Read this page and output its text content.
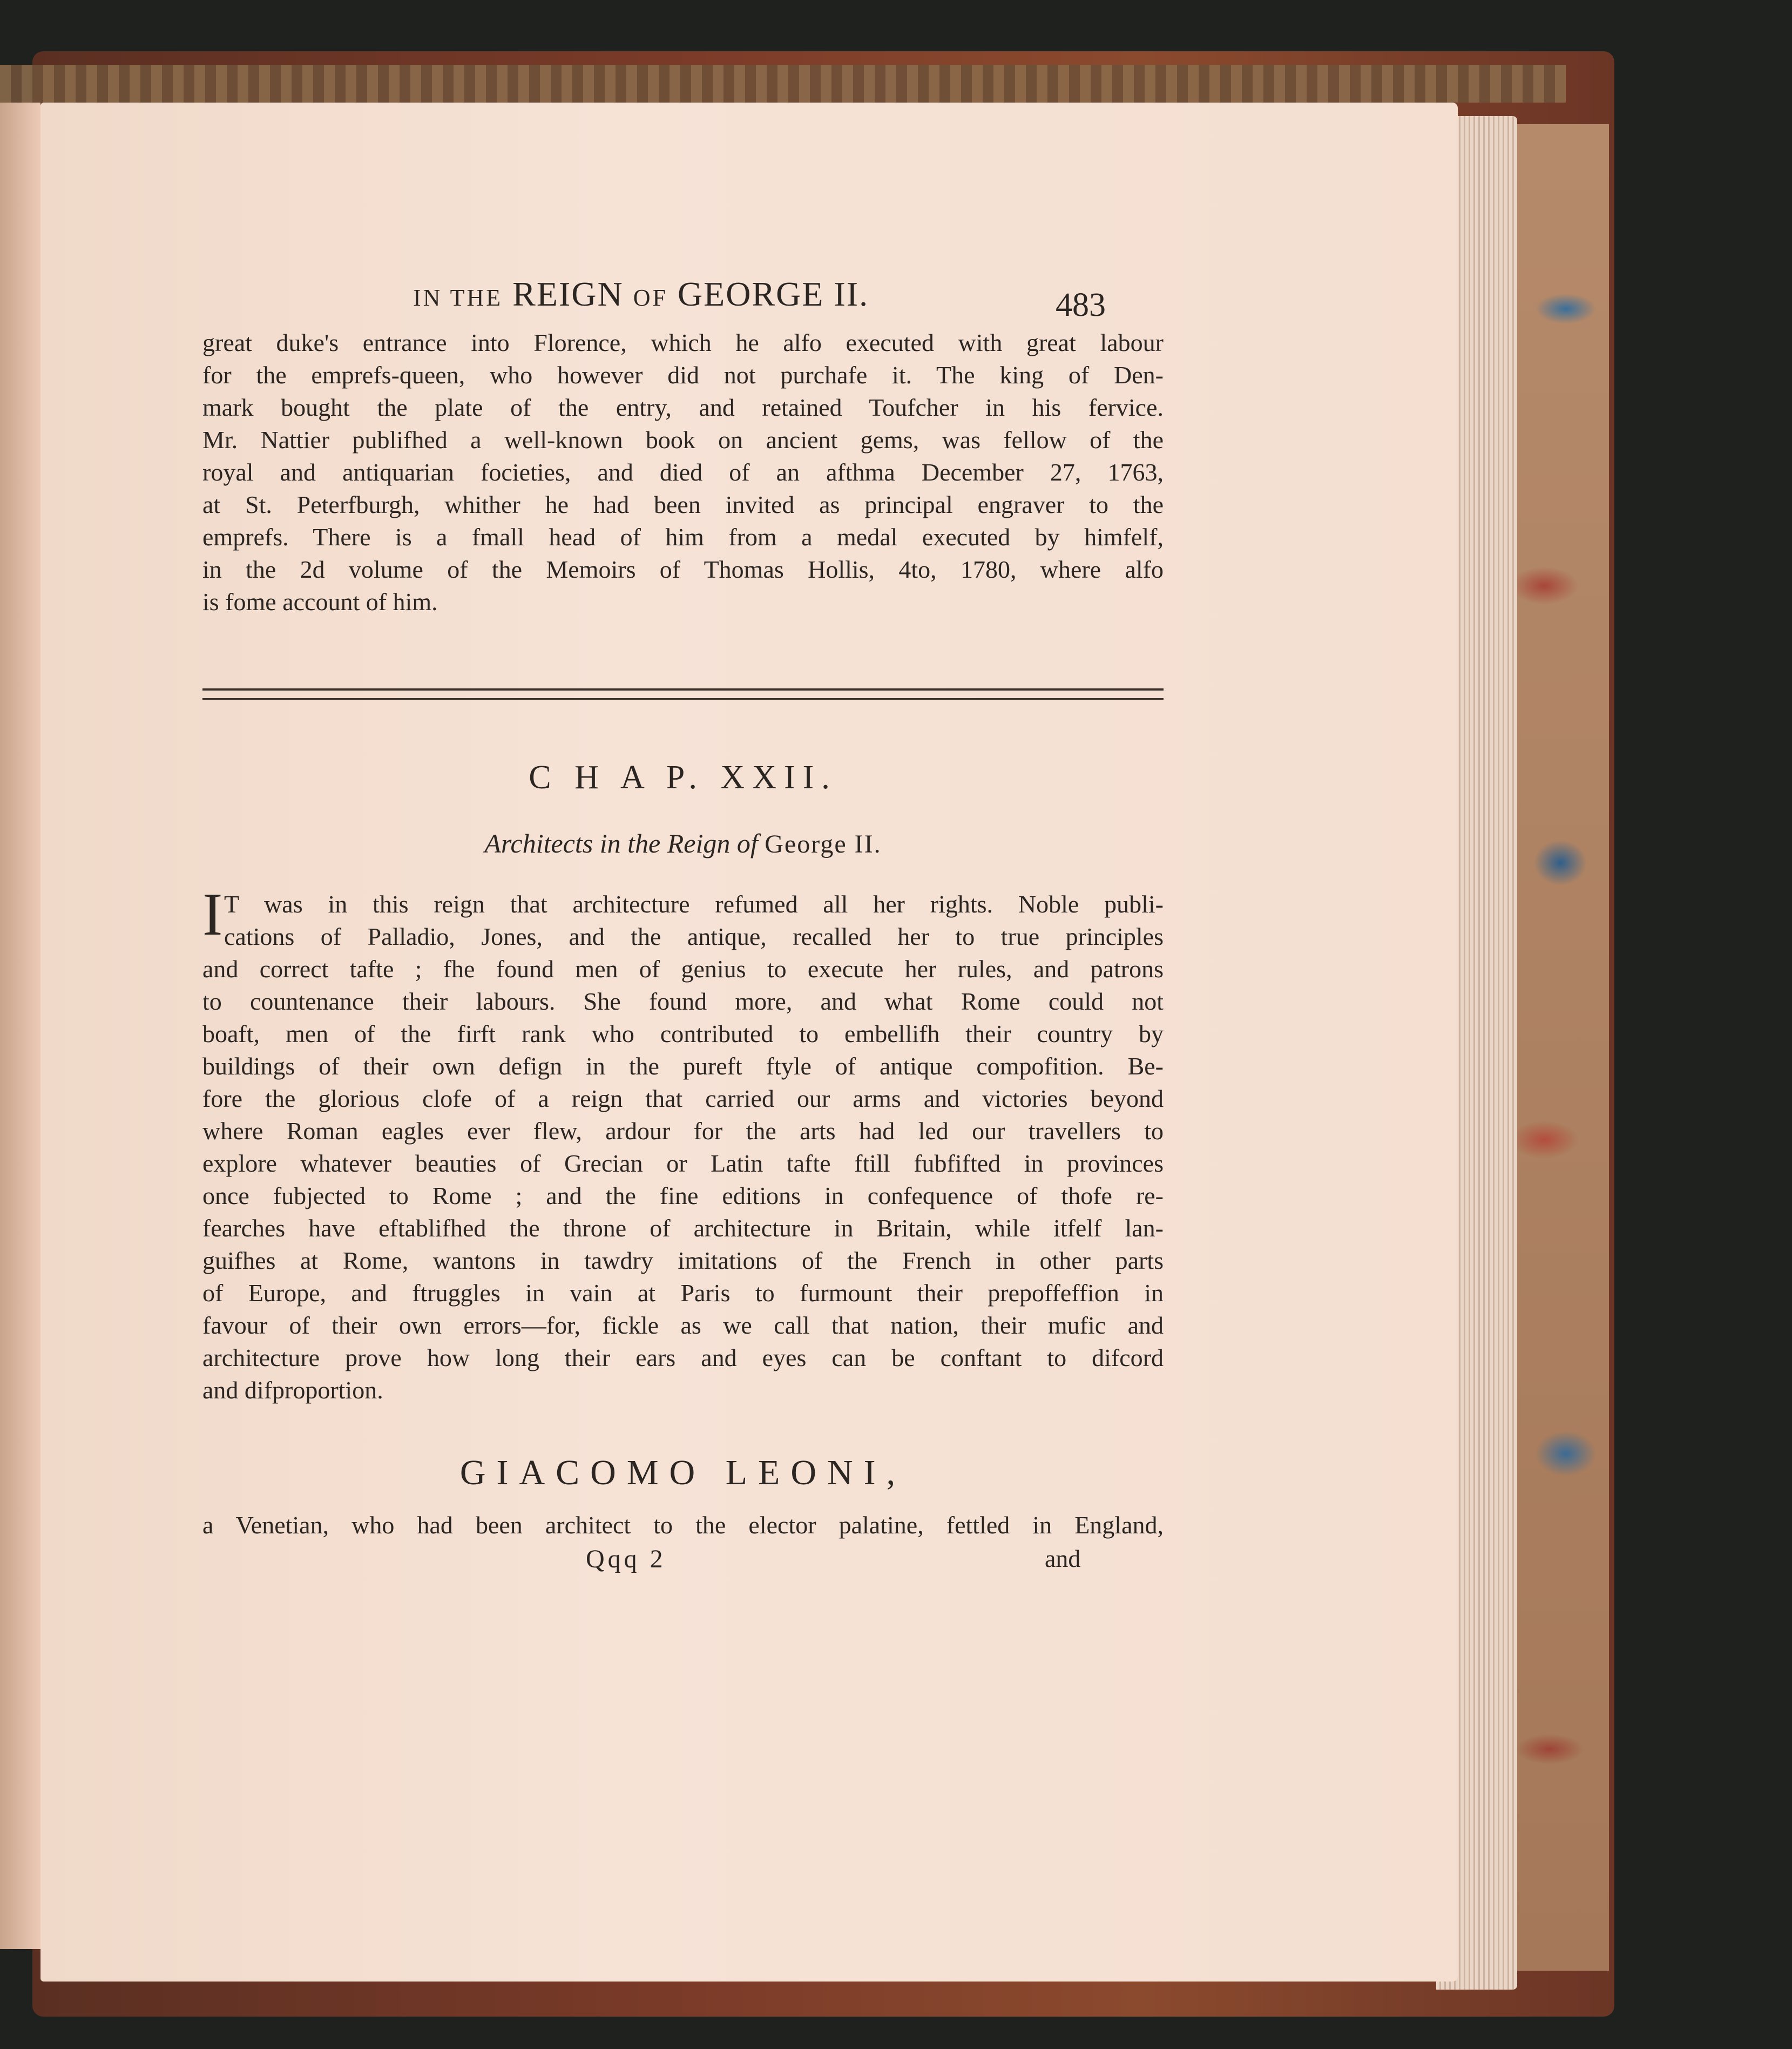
IN THE REIGN OF GEORGE II.	483
great duke's entrance into Florence, which he alfo executed with great labour
for the emprefs-queen, who however did not purchafe it. The king of Den-
mark bought the plate of the entry, and retained Toufcher in his fervice.
Mr. Nattier publifhed a well-known book on ancient gems, was fellow of the
royal and antiquarian focieties, and died of an afthma December 27, 1763,
at St. Peterfburgh, whither he had been invited as principal engraver to the
emprefs. There is a fmall head of him from a medal executed by himfelf,
in the 2d volume of the Memoirs of Thomas Hollis, 4to, 1780, where alfo
is fome account of him.
C H A P. XXII.
Architects in the Reign of George II.
I T was in this reign that architecture refumed all her rights. Noble publi-
cations of Palladio, Jones, and the antique, recalled her to true principles
and correct tafte ; fhe found men of genius to execute her rules, and patrons
to countenance their labours. She found more, and what Rome could not
boaft, men of the firft rank who contributed to embellifh their country by
buildings of their own defign in the pureft ftyle of antique compofition. Be-
fore the glorious clofe of a reign that carried our arms and victories beyond
where Roman eagles ever flew, ardour for the arts had led our travellers to
explore whatever beauties of Grecian or Latin tafte ftill fubfifted in provinces
once fubjected to Rome ; and the fine editions in confequence of thofe re-
fearches have eftablifhed the throne of architecture in Britain, while itfelf lan-
guifhes at Rome, wantons in tawdry imitations of the French in other parts
of Europe, and ftruggles in vain at Paris to furmount their prepoffeffion in
favour of their own errors—for, fickle as we call that nation, their mufic and
architecture prove how long their ears and eyes can be conftant to difcord
and difproportion.
GIACOMO LEONI,
a Venetian, who had been architect to the elector palatine, fettled in England,
Qqq 2	and
